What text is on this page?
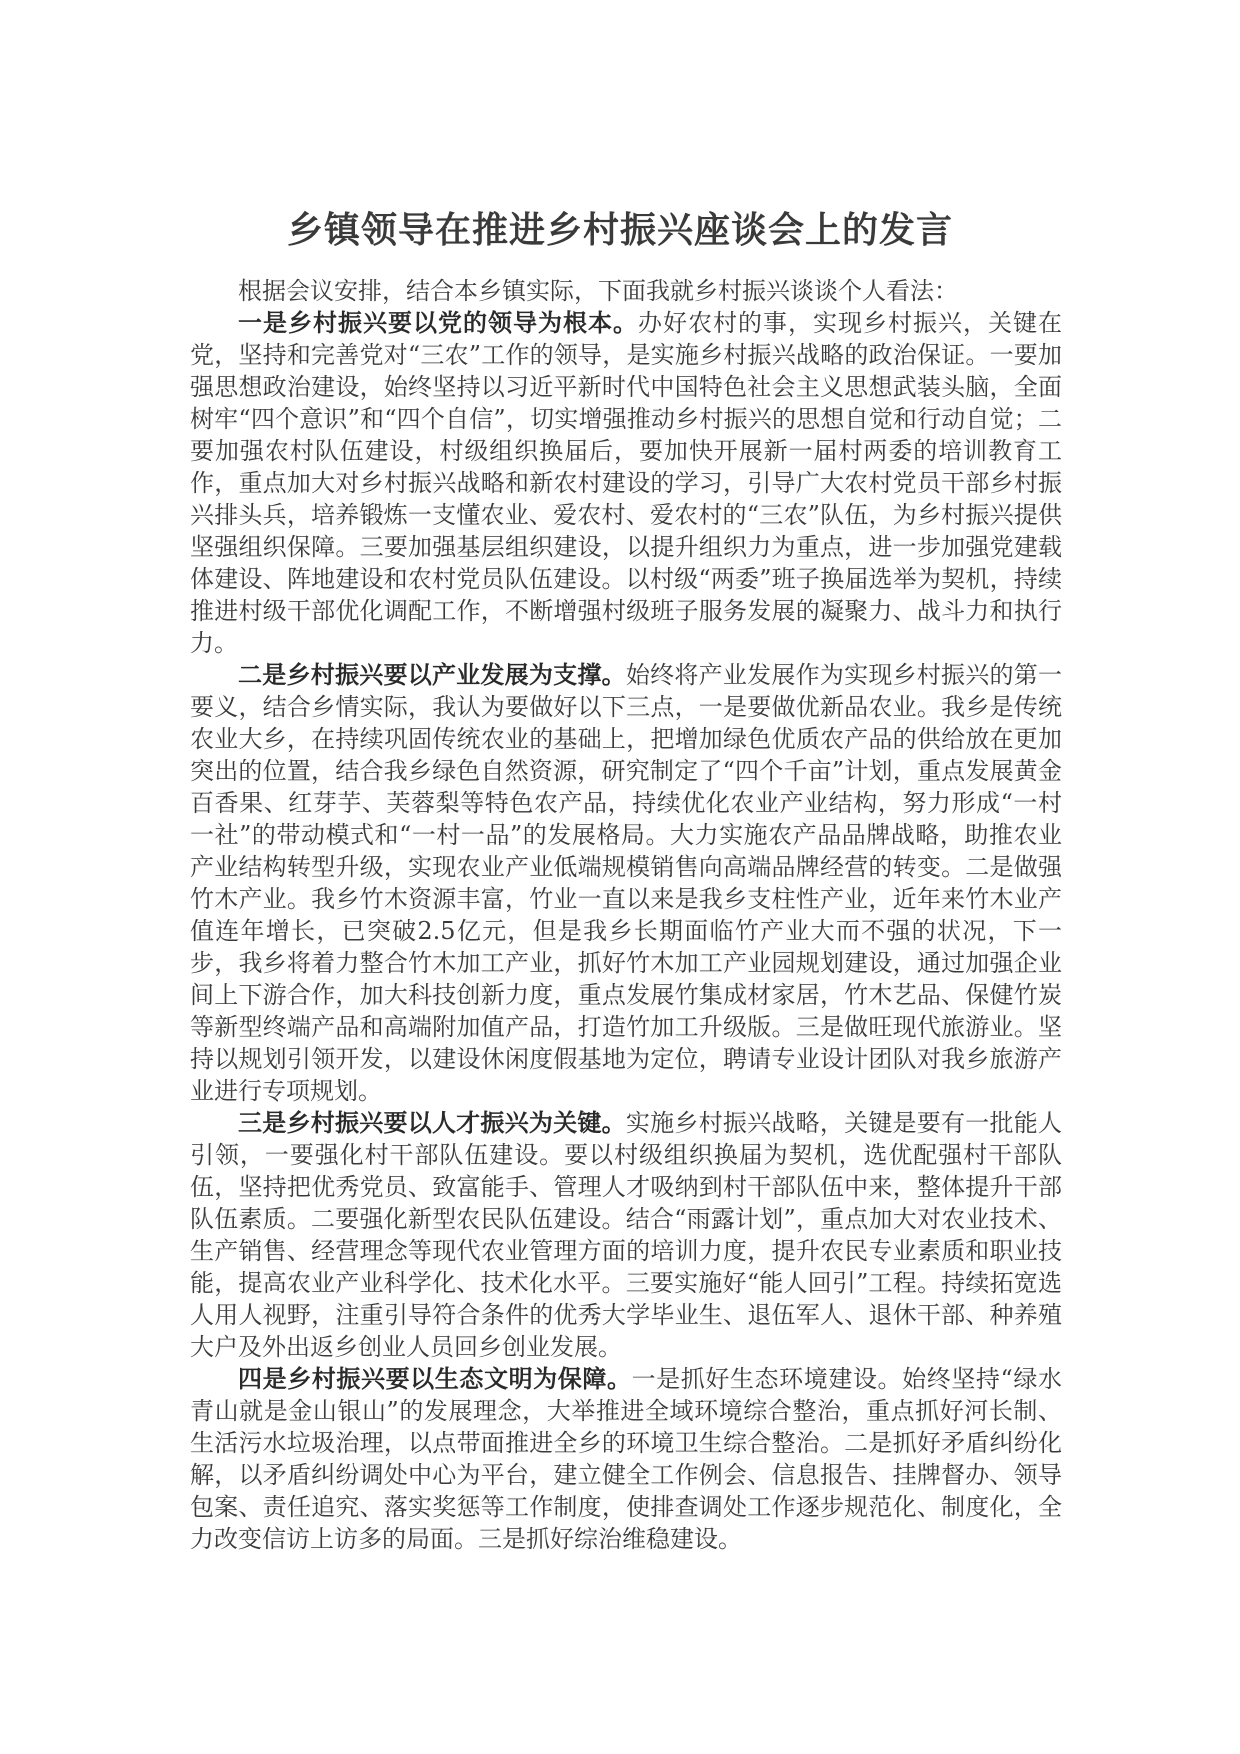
乡镇领导在推进乡村振兴座谈会上的发言

根据会议安排，结合本乡镇实际，下面我就乡村振兴谈谈个人看法：

一是乡村振兴要以党的领导为根本。办好农村的事，实现乡村振兴，关键在党，坚持和完善党对“三农”工作的领导，是实施乡村振兴战略的政治保证。一要加强思想政治建设，始终坚持以习近平新时代中国特色社会主义思想武装头脑，全面树牢“四个意识”和“四个自信”，切实增强推动乡村振兴的思想自觉和行动自觉；二要加强农村队伍建设，村级组织换届后，要加快开展新一届村两委的培训教育工作，重点加大对乡村振兴战略和新农村建设的学习，引导广大农村党员干部乡村振兴排头兵，培养锻炼一支懂农业、爱农村、爱农村的“三农”队伍，为乡村振兴提供坚强组织保障。三要加强基层组织建设，以提升组织力为重点，进一步加强党建载体建设、阵地建设和农村党员队伍建设。以村级“两委”班子换届选举为契机，持续推进村级干部优化调配工作，不断增强村级班子服务发展的凝聚力、战斗力和执行力。

二是乡村振兴要以产业发展为支撑。始终将产业发展作为实现乡村振兴的第一要义，结合乡情实际，我认为要做好以下三点，一是要做优新品农业。我乡是传统农业大乡，在持续巩固传统农业的基础上，把增加绿色优质农产品的供给放在更加突出的位置，结合我乡绿色自然资源，研究制定了“四个千亩”计划，重点发展黄金百香果、红芽芋、芙蓉梨等特色农产品，持续优化农业产业结构，努力形成“一村一社”的带动模式和“一村一品”的发展格局。大力实施农产品品牌战略，助推农业产业结构转型升级，实现农业产业低端规模销售向高端品牌经营的转变。二是做强竹木产业。我乡竹木资源丰富，竹业一直以来是我乡支柱性产业，近年来竹木业产值连年增长，已突破2.5亿元，但是我乡长期面临竹产业大而不强的状况，下一步，我乡将着力整合竹木加工产业，抓好竹木加工产业园规划建设，通过加强企业间上下游合作，加大科技创新力度，重点发展竹集成材家居，竹木艺品、保健竹炭等新型终端产品和高端附加值产品，打造竹加工升级版。三是做旺现代旅游业。坚持以规划引领开发，以建设休闲度假基地为定位，聘请专业设计团队对我乡旅游产业进行专项规划。

三是乡村振兴要以人才振兴为关键。实施乡村振兴战略，关键是要有一批能人引领，一要强化村干部队伍建设。要以村级组织换届为契机，选优配强村干部队伍，坚持把优秀党员、致富能手、管理人才吸纳到村干部队伍中来，整体提升干部队伍素质。二要强化新型农民队伍建设。结合“雨露计划”，重点加大对农业技术、生产销售、经营理念等现代农业管理方面的培训力度，提升农民专业素质和职业技能，提高农业产业科学化、技术化水平。三要实施好“能人回引”工程。持续拓宽选人用人视野，注重引导符合条件的优秀大学毕业生、退伍军人、退休干部、种养殖大户及外出返乡创业人员回乡创业发展。

四是乡村振兴要以生态文明为保障。一是抓好生态环境建设。始终坚持“绿水青山就是金山银山”的发展理念，大举推进全域环境综合整治，重点抓好河长制、生活污水垃圾治理，以点带面推进全乡的环境卫生综合整治。二是抓好矛盾纠纷化解，以矛盾纠纷调处中心为平台，建立健全工作例会、信息报告、挂牌督办、领导包案、责任追究、落实奖惩等工作制度，使排查调处工作逐步规范化、制度化，全力改变信访上访多的局面。三是抓好综治维稳建设。
